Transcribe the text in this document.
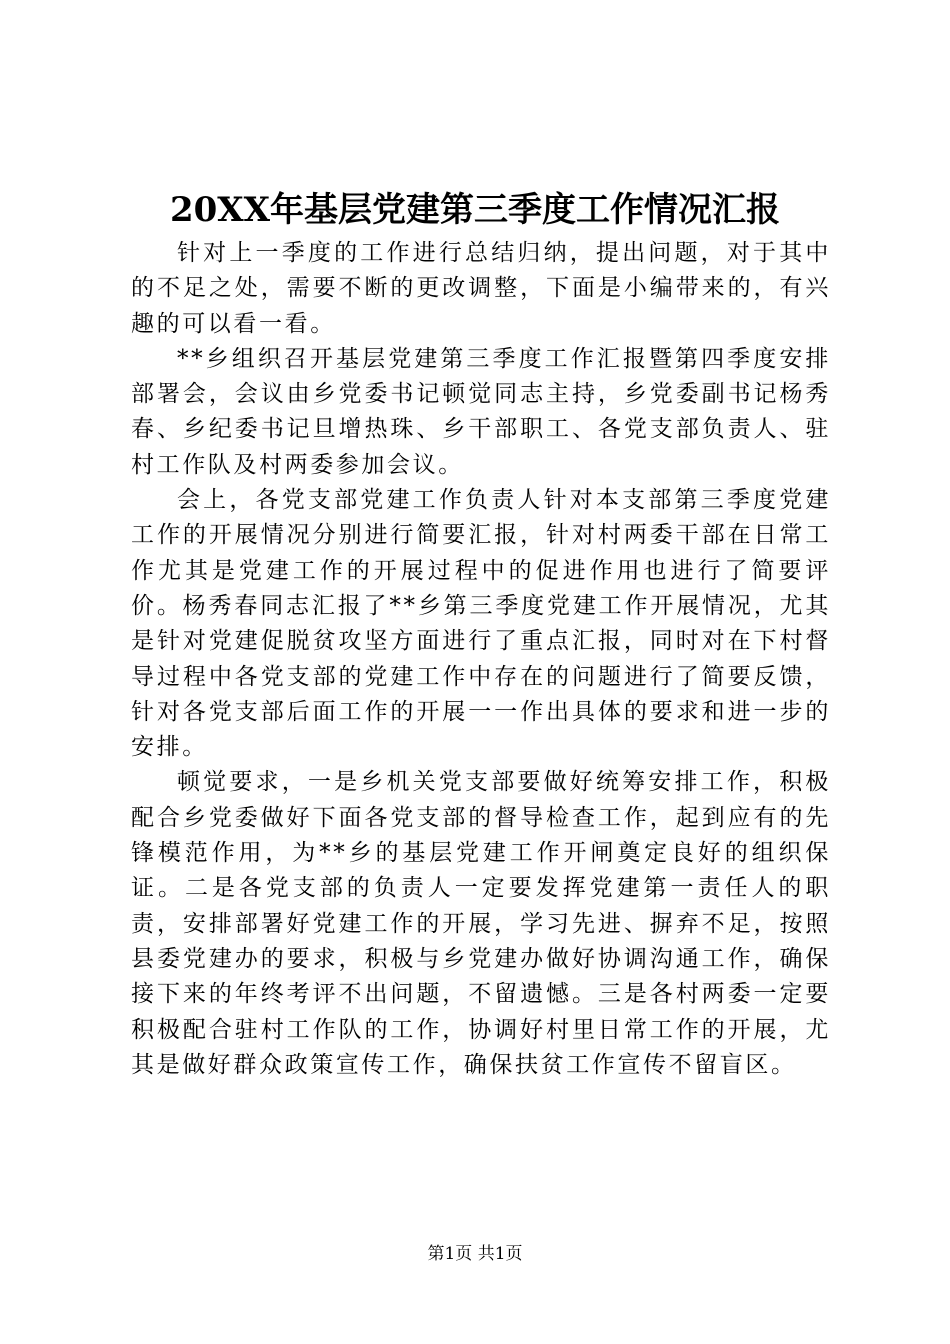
20XX年基层党建第三季度工作情况汇报

针对上一季度的工作进行总结归纳，提出问题，对于其中的不足之处，需要不断的更改调整，下面是小编带来的，有兴趣的可以看一看。

**乡组织召开基层党建第三季度工作汇报暨第四季度安排部署会，会议由乡党委书记顿觉同志主持，乡党委副书记杨秀春、乡纪委书记旦增热珠、乡干部职工、各党支部负责人、驻村工作队及村两委参加会议。

会上，各党支部党建工作负责人针对本支部第三季度党建工作的开展情况分别进行简要汇报，针对村两委干部在日常工作尤其是党建工作的开展过程中的促进作用也进行了简要评价。杨秀春同志汇报了**乡第三季度党建工作开展情况，尤其是针对党建促脱贫攻坚方面进行了重点汇报，同时对在下村督导过程中各党支部的党建工作中存在的问题进行了简要反馈，针对各党支部后面工作的开展一一作出具体的要求和进一步的安排。

顿觉要求，一是乡机关党支部要做好统筹安排工作，积极配合乡党委做好下面各党支部的督导检查工作，起到应有的先锋模范作用，为**乡的基层党建工作开闸奠定良好的组织保证。二是各党支部的负责人一定要发挥党建第一责任人的职责，安排部署好党建工作的开展，学习先进、摒弃不足，按照县委党建办的要求，积极与乡党建办做好协调沟通工作，确保接下来的年终考评不出问题，不留遗憾。三是各村两委一定要积极配合驻村工作队的工作，协调好村里日常工作的开展，尤其是做好群众政策宣传工作，确保扶贫工作宣传不留盲区。

第1页 共1页
